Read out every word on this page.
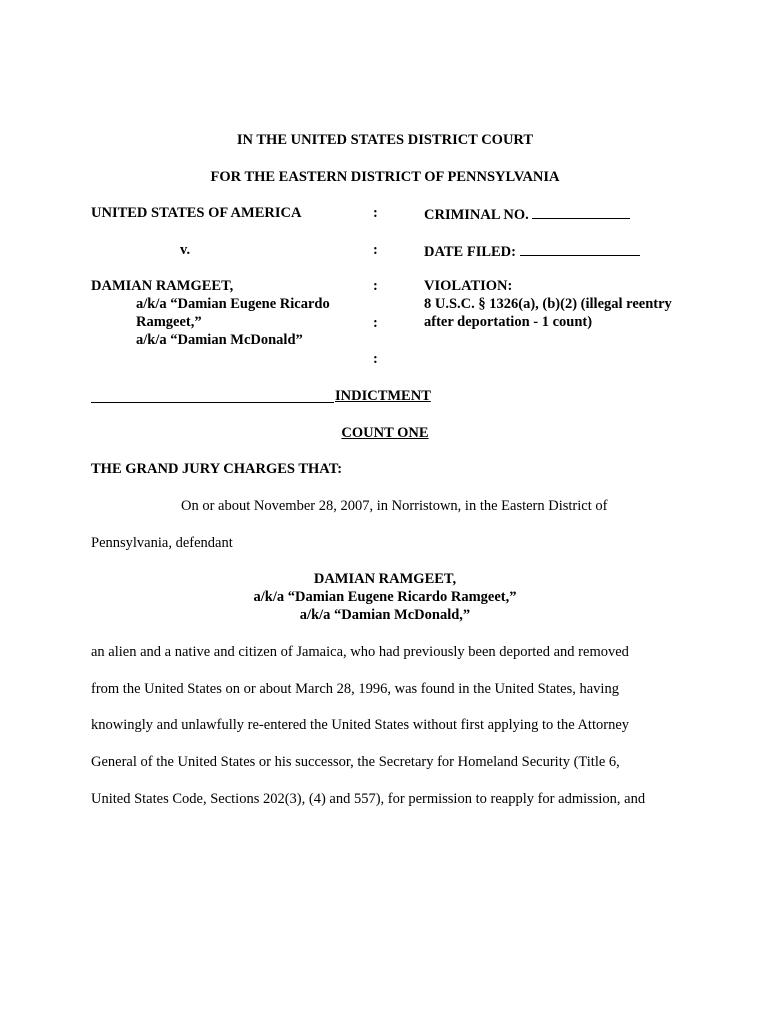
IN THE UNITED STATES DISTRICT COURT
FOR THE EASTERN DISTRICT OF PENNSYLVANIA
UNITED STATES OF AMERICA
v.
DAMIAN RAMGEET,
a/k/a “Damian Eugene Ricardo
Ramgeet,”
a/k/a “Damian McDonald”
:
:
:
:
:
CRIMINAL NO.
DATE FILED:
VIOLATION:
8 U.S.C. § 1326(a), (b)(2) (illegal reentry
after deportation - 1 count)
INDICTMENT
COUNT ONE
THE GRAND JURY CHARGES THAT:
On or about November 28, 2007, in Norristown, in the Eastern District of
Pennsylvania, defendant
DAMIAN RAMGEET,
a/k/a “Damian Eugene Ricardo Ramgeet,”
a/k/a “Damian McDonald,”
an alien and a native and citizen of Jamaica, who had previously been deported and removed
from the United States on or about March 28, 1996, was found in the United States, having
knowingly and unlawfully re-entered the United States without first applying to the Attorney
General of the United States or his successor, the Secretary for Homeland Security (Title 6,
United States Code, Sections 202(3), (4) and 557), for permission to reapply for admission, and
